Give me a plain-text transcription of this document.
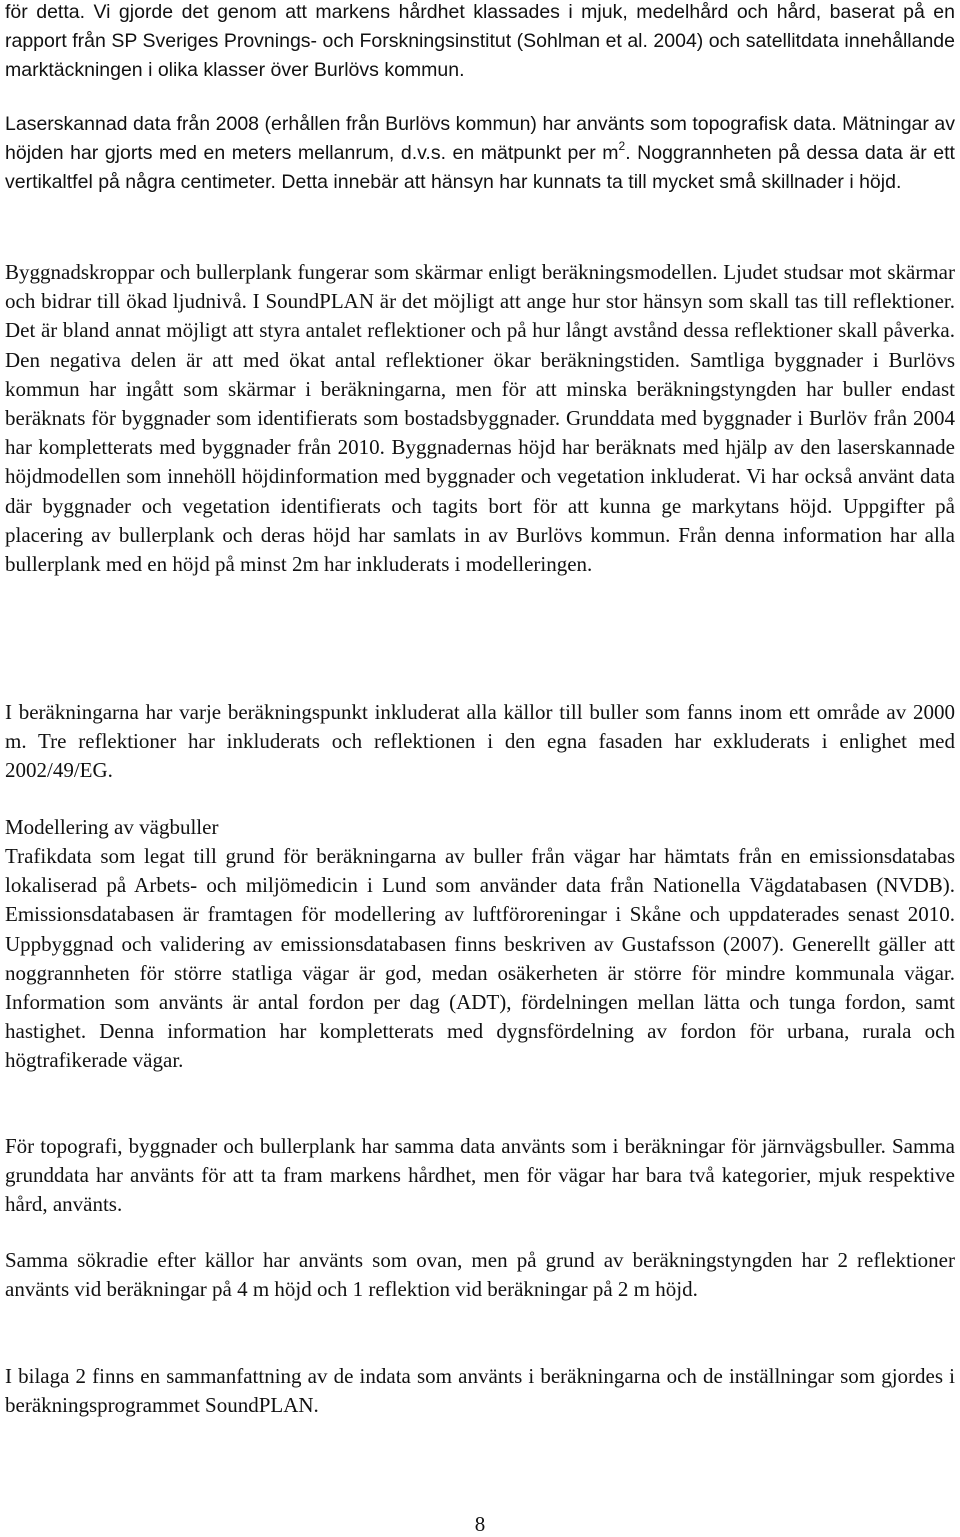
för detta. Vi gjorde det genom att markens hårdhet klassades i mjuk, medelhård och hård, baserat på en rapport från SP Sveriges Provnings- och Forskningsinstitut (Sohlman et al. 2004) och satellitdata innehållande marktäckningen i olika klasser över Burlövs kommun.

Laserskannad data från 2008 (erhållen från Burlövs kommun) har använts som topografisk data. Mätningar av höjden har gjorts med en meters mellanrum, d.v.s. en mätpunkt per $m^2$. Noggrannheten på dessa data är ett vertikaltfel på några centimeter. Detta innebär att hänsyn har kunnats ta till mycket små skillnader i höjd.

Byggnadskroppar och bullerplank fungerar som skärmar enligt beräkningsmodellen. Ljudet studsar mot skärmar och bidrar till ökad ljudnivå. I SoundPLAN är det möjligt att ange hur stor hänsyn som skall tas till reflektioner. Det är bland annat möjligt att styra antalet reflektioner och på hur långt avstånd dessa reflektioner skall påverka. Den negativa delen är att med ökat antal reflektioner ökar beräkningstiden. Samtliga byggnader i Burlövs kommun har ingått som skärmar i beräkningarna, men för att minska beräkningstyngden har buller endast beräknats för byggnader som identifierats som bostadsbyggnader. Grunddata med byggnader i Burlöv från 2004 har kompletterats med byggnader från 2010. Byggnadernas höjd har beräknats med hjälp av den laserskannade höjdmodellen som innehöll höjdinformation med byggnader och vegetation inkluderat. Vi har också använt data där byggnader och vegetation identifierats och tagits bort för att kunna ge markytans höjd. Uppgifter på placering av bullerplank och deras höjd har samlats in av Burlövs kommun. Från denna information har alla bullerplank med en höjd på minst 2m har inkluderats i modelleringen.

I beräkningarna har varje beräkningspunkt inkluderat alla källor till buller som fanns inom ett område av 2000 m. Tre reflektioner har inkluderats och reflektionen i den egna fasaden har exkluderats i enlighet med 2002/49/EG.

Modellering av vägbuller

Trafikdata som legat till grund för beräkningarna av buller från vägar har hämtats från en emissionsdatabas lokaliserad på Arbets- och miljömedicin i Lund som använder data från Nationella Vägdatabasen (NVDB). Emissionsdatabasen är framtagen för modellering av luftföroreningar i Skåne och uppdaterades senast 2010. Uppbyggnad och validering av emissionsdatabasen finns beskriven av Gustafsson (2007). Generellt gäller att noggrannheten för större statliga vägar är god, medan osäkerheten är större för mindre kommunala vägar. Information som använts är antal fordon per dag (ADT), fördelningen mellan lätta och tunga fordon, samt hastighet. Denna information har kompletterats med dygnsfördelning av fordon för urbana, rurala och högtrafikerade vägar.

För topografi, byggnader och bullerplank har samma data använts som i beräkningar för järnvägsbuller. Samma grunddata har använts för att ta fram markens hårdhet, men för vägar har bara två kategorier, mjuk respektive hård, använts.

Samma sökradie efter källor har använts som ovan, men på grund av beräkningstyngden har 2 reflektioner använts vid beräkningar på 4 m höjd och 1 reflektion vid beräkningar på 2 m höjd.

I bilaga 2 finns en sammanfattning av de indata som använts i beräkningarna och de inställningar som gjordes i beräkningsprogrammet SoundPLAN.

8
